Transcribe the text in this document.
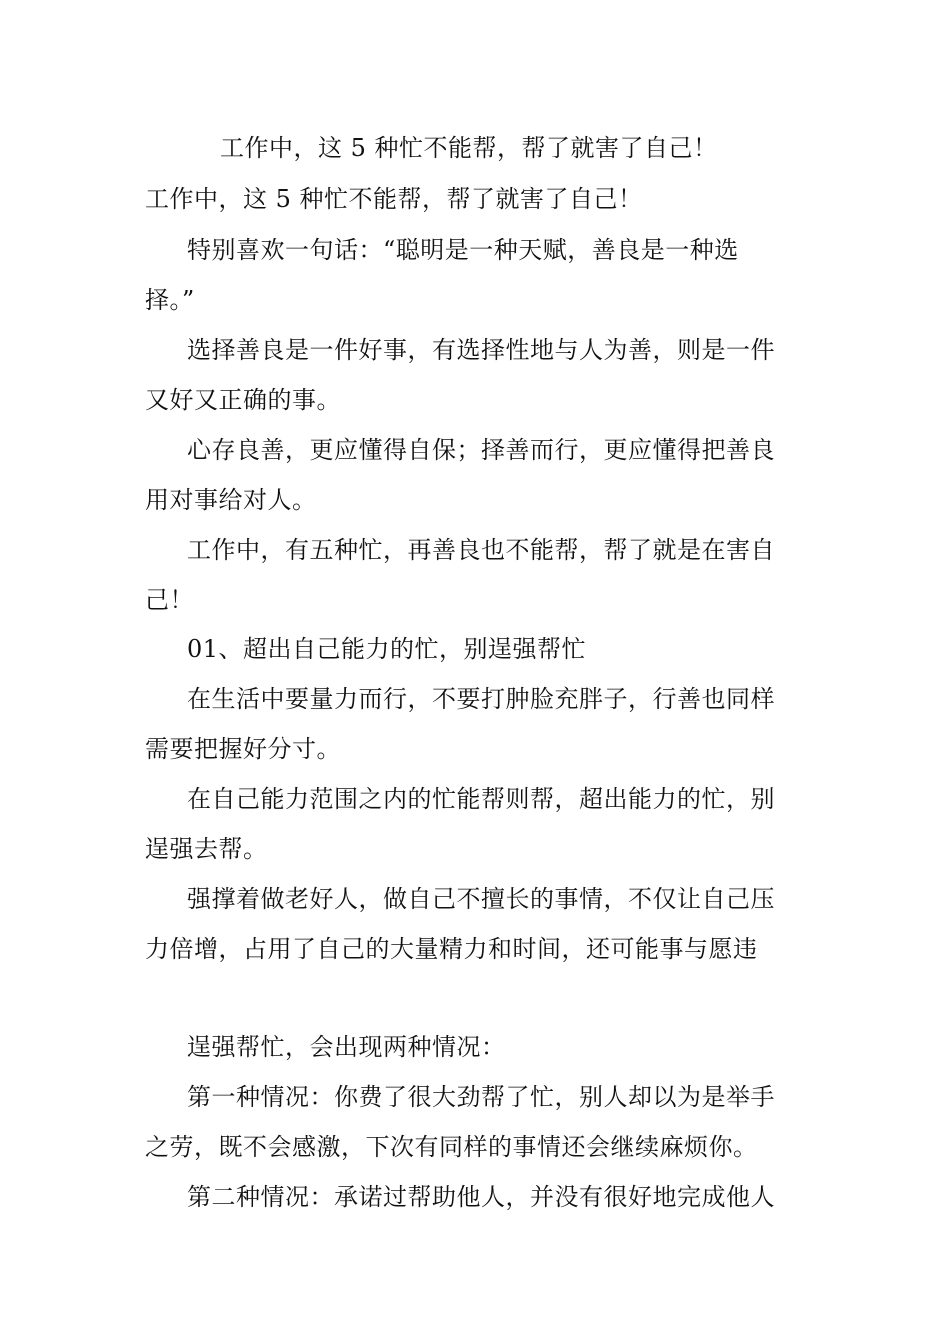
工作中，这 5 种忙不能帮，帮了就害了自己！
工作中，这 5 种忙不能帮，帮了就害了自己！
特别喜欢一句话：“聪明是一种天赋，善良是一种选
择。”
选择善良是一件好事，有选择性地与人为善，则是一件
又好又正确的事。
心存良善，更应懂得自保；择善而行，更应懂得把善良
用对事给对人。
工作中，有五种忙，再善良也不能帮，帮了就是在害自
己！
01、超出自己能力的忙，别逞强帮忙
在生活中要量力而行，不要打肿脸充胖子，行善也同样
需要把握好分寸。
在自己能力范围之内的忙能帮则帮，超出能力的忙，别
逞强去帮。
强撑着做老好人，做自己不擅长的事情，不仅让自己压
力倍增，占用了自己的大量精力和时间，还可能事与愿违
逞强帮忙，会出现两种情况：
第一种情况：你费了很大劲帮了忙，别人却以为是举手
之劳，既不会感激，下次有同样的事情还会继续麻烦你。
第二种情况：承诺过帮助他人，并没有很好地完成他人
